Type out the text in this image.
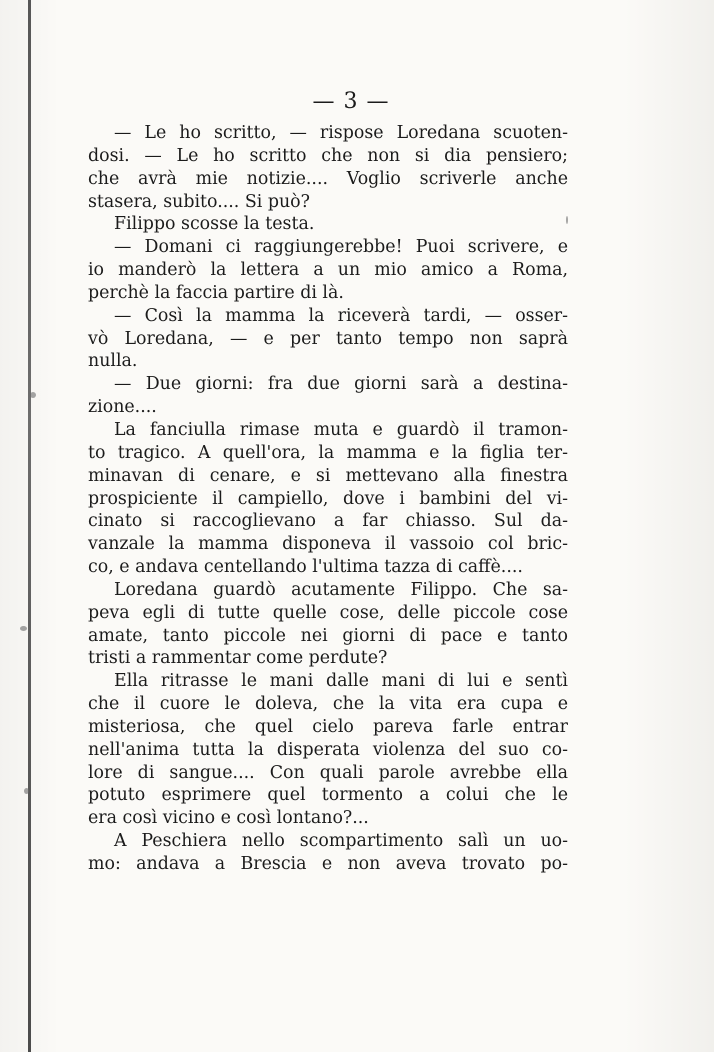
— 3 —
— Le ho scritto, — rispose Loredana scuoten-
dosi. — Le ho scritto che non si dia pensiero;
che avrà mie notizie.... Voglio scriverle anche
stasera, subito.... Si può?
Filippo scosse la testa.
— Domani ci raggiungerebbe! Puoi scrivere, e
io manderò la lettera a un mio amico a Roma,
perchè la faccia partire di là.
— Così la mamma la riceverà tardi, — osser-
vò Loredana, — e per tanto tempo non saprà
nulla.
— Due giorni: fra due giorni sarà a destina-
zione....
La fanciulla rimase muta e guardò il tramon-
to tragico. A quell'ora, la mamma e la figlia ter-
minavan di cenare, e si mettevano alla finestra
prospiciente il campiello, dove i bambini del vi-
cinato si raccoglievano a far chiasso. Sul da-
vanzale la mamma disponeva il vassoio col bric-
co, e andava centellando l'ultima tazza di caffè....
Loredana guardò acutamente Filippo. Che sa-
peva egli di tutte quelle cose, delle piccole cose
amate, tanto piccole nei giorni di pace e tanto
tristi a rammentar come perdute?
Ella ritrasse le mani dalle mani di lui e sentì
che il cuore le doleva, che la vita era cupa e
misteriosa, che quel cielo pareva farle entrar
nell'anima tutta la disperata violenza del suo co-
lore di sangue.... Con quali parole avrebbe ella
potuto esprimere quel tormento a colui che le
era così vicino e così lontano?...
A Peschiera nello scompartimento salì un uo-
mo: andava a Brescia e non aveva trovato po-
